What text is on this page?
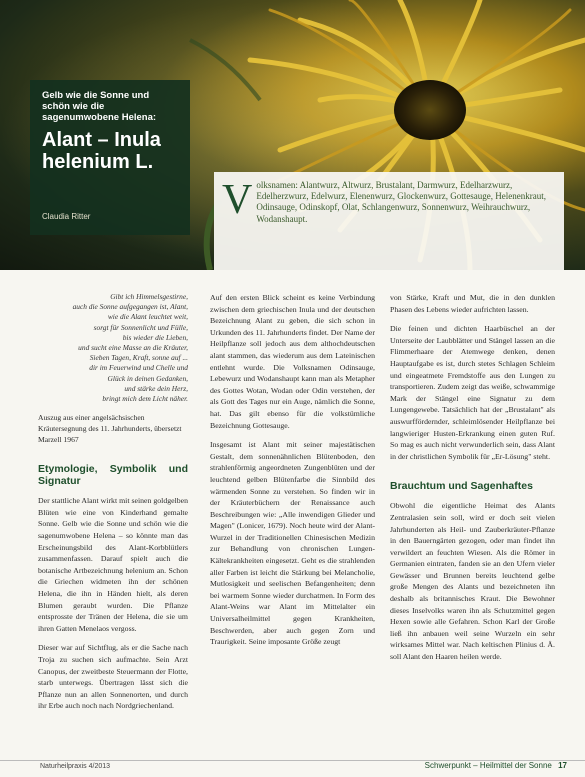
Gelb wie die Sonne und schön wie die sagenumwobene Helena:
Alant – Inula helenium L.
Claudia Ritter	V olksnamen: Alantwurz, Altwurz, Brustalant, Darmwurz, Edelharzwurz, Edelherzwurz, Edelwurz, Elenenwurz, Glockenwurz, Gottesauge, Helenenkraut, Odinsauge, Odinskopf, Olat, Schlangenwurz, Sonnenwurz, Weihrauchwurz, Wodanshaupt.
Gibt ich Himmelsgestirne,
auch die Sonne aufgegangen ist, Alant,
wie die Alant leuchtet weit,
sorgt für Sonnenlicht und Fülle,
bis wieder die Lieben,
und sucht eine Masse an die Kräuter,
Sieben Tagen, Kraft, sonne auf ...
dir im Feuerwind und Chelle und
Glück in deinen Gedanken,
und stärke dein Herz,
bringt mich dem Licht näher.
Auszug aus einer angelsächsischen Kräutersegnung des 11. Jahrhunderts, übersetzt Marzell 1967
Etymologie, Symbolik und Signatur
Der stattliche Alant wirkt mit seinen goldgelben Blüten wie eine von Kinderhand gemalte Sonne. Gelb wie die Sonne und schön wie die sagenumwobene Helena – so könnte man das Erscheinungsbild des Alant-Korbblütlers zusammenfassen. Darauf spielt auch die botanische Artbezeichnung helenium an. Schon die Griechen widmeten ihn der schönen Helena, die ihn in Händen hielt, als deren Blumen geraubt wurden. Die Pflanze entsprosste der Tränen der Helena, die sie um ihren Gatten Menelaos vergoss.
Dieser war auf Sichtflug, als er die Sache nach Troja zu suchen sich aufmachte. Sein Arzt Canopus, der zweitbeste Steuermann der Flotte, starb unterwegs. Übertragen lässt sich die Pflanze nun an allen Sonnenorten, und durch ihr Erbe auch noch nach Nordgriechenland.
Auf den ersten Blick scheint es keine Verbindung zwischen dem griechischen Inula und der deutschen Bezeichnung Alant zu geben, die sich schon in Urkunden des 11. Jahrhunderts findet. Der Name der Heilpflanze soll jedoch aus dem althochdeutschen alant stammen, das wiederum aus dem Lateinischen entlehnt wurde. Die Volksnamen Odinsauge, Lebewurz und Wodanshaupt kann man als Metapher des Gottes Wotan, Wodan oder Odin verstehen, der als Gott des Tages nur ein Auge, nämlich die Sonne, hat. Das gilt ebenso für die volkstümliche Bezeichnung Gottesauge.
Insgesamt ist Alant mit seiner majestätischen Gestalt, dem sonnenähnlichen Blütenboden, den strahlenförmig angeordneten Zungenblüten und der leuchtend gelben Blütenfarbe die Sinnbild des wärmenden Sonne zu verstehen. So finden wir in der Kräuterbüchern der Renaissance auch Beschreibungen wie: „Alle inwendigen Glieder und Magen" (Lonicer, 1679). Noch heute wird der Alant-Wurzel in der Traditionellen Chinesischen Medizin zur Behandlung von chronischen Lungen-Kältekrankheiten eingesetzt. Geht es die strahlenden aller Farben ist leicht die Stärkung bei Melancholie, Mutlosigkeit und seelischen Befangenheiten; denn bei warmem Sonne wieder durchatmen. In Form des Alant-Weins war Alant im Mittelalter ein Universalheilmittel gegen Krankheiten, Beschwerden, aber auch gegen Zorn und Traurigkeit. Seine imposante Größe zeugt
von Stärke, Kraft und Mut, die in den dunklen Phasen des Lebens wieder aufrichten lassen.
Die feinen und dichten Haarbüschel an der Unterseite der Laubblätter und Stängel lassen an die Flimmerhaare der Atemwege denken, denen Hauptaufgabe es ist, durch stetes Schlagen Schleim und eingeatmete Fremdstoffe aus den Lungen zu transportieren. Zudem zeigt das weiße, schwammige Mark der Stängel eine Signatur zu dem Lungengewebe. Tatsächlich hat der „Brustalant" als auswurffördernder, schleimlösender Heilpflanze bei langwieriger Husten-Erkrankung einen guten Ruf. So mag es auch nicht verwunderlich sein, dass Alant in der christlichen Symbolik für „Er-Lösung" steht.
Brauchtum und Sagenhaftes
Obwohl die eigentliche Heimat des Alants Zentralasien sein soll, wird er doch seit vielen Jahrhunderten als Heil- und Zauberkräuter-Pflanze in den Bauerngärten gezogen, oder man findet ihn verwildert an feuchten Wiesen. Als die Römer in Germanien eintraten, fanden sie an den Ufern vieler Gewässer und Brunnen bereits leuchtend gelbe große Mengen des Alants und bezeichneten ihn deshalb als britannisches Kraut. Die Bewohner dieses Inselvolks waren ihn als Schutzmittel gegen Hexen sowie alle Gefahren. Schon Karl der Große ließ ihn anbauen weil seine Wurzeln ein sehr wirksames Mittel war. Nach keltischen Plinius d. Ä. soll Alant den Haaren heilen werde.
Naturheilpraxis 4/2013	Schwerpunkt – Heilmittel der Sonne 17
